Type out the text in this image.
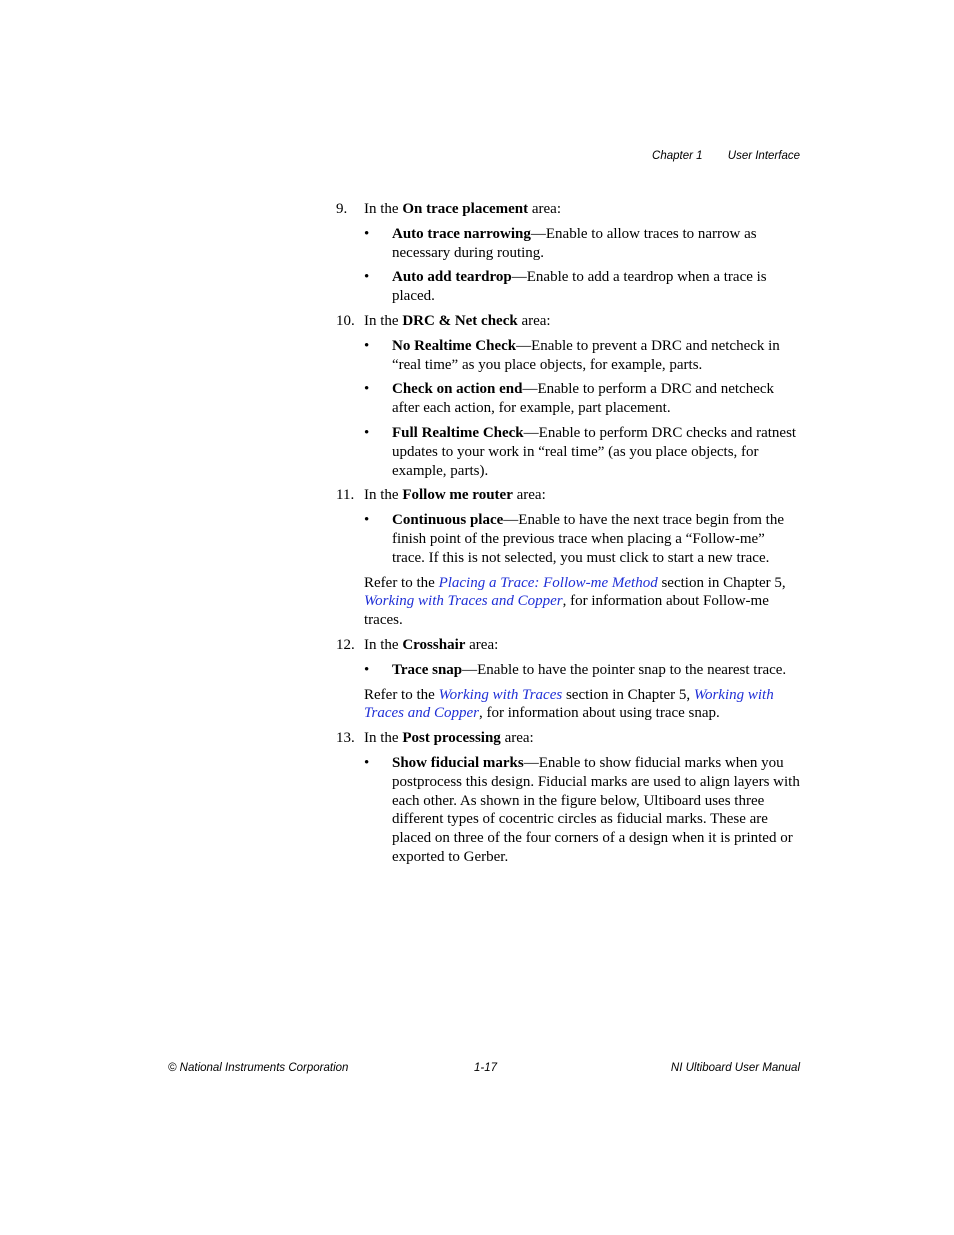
Chapter 1 User Interface
9. In the On trace placement area:
• Auto trace narrowing—Enable to allow traces to narrow as necessary during routing.
• Auto add teardrop—Enable to add a teardrop when a trace is placed.
10. In the DRC & Net check area:
• No Realtime Check—Enable to prevent a DRC and netcheck in “real time” as you place objects, for example, parts.
• Check on action end—Enable to perform a DRC and netcheck after each action, for example, part placement.
• Full Realtime Check—Enable to perform DRC checks and ratnest updates to your work in “real time” (as you place objects, for example, parts).
11. In the Follow me router area:
• Continuous place—Enable to have the next trace begin from the finish point of the previous trace when placing a “Follow-me” trace. If this is not selected, you must click to start a new trace.
Refer to the Placing a Trace: Follow-me Method section in Chapter 5, Working with Traces and Copper, for information about Follow-me traces.
12. In the Crosshair area:
• Trace snap—Enable to have the pointer snap to the nearest trace.
Refer to the Working with Traces section in Chapter 5, Working with Traces and Copper, for information about using trace snap.
13. In the Post processing area:
• Show fiducial marks—Enable to show fiducial marks when you postprocess this design. Fiducial marks are used to align layers with each other. As shown in the figure below, Ultiboard uses three different types of cocentric circles as fiducial marks. These are placed on three of the four corners of a design when it is printed or exported to Gerber.
© National Instruments Corporation	1-17	NI Ultiboard User Manual
